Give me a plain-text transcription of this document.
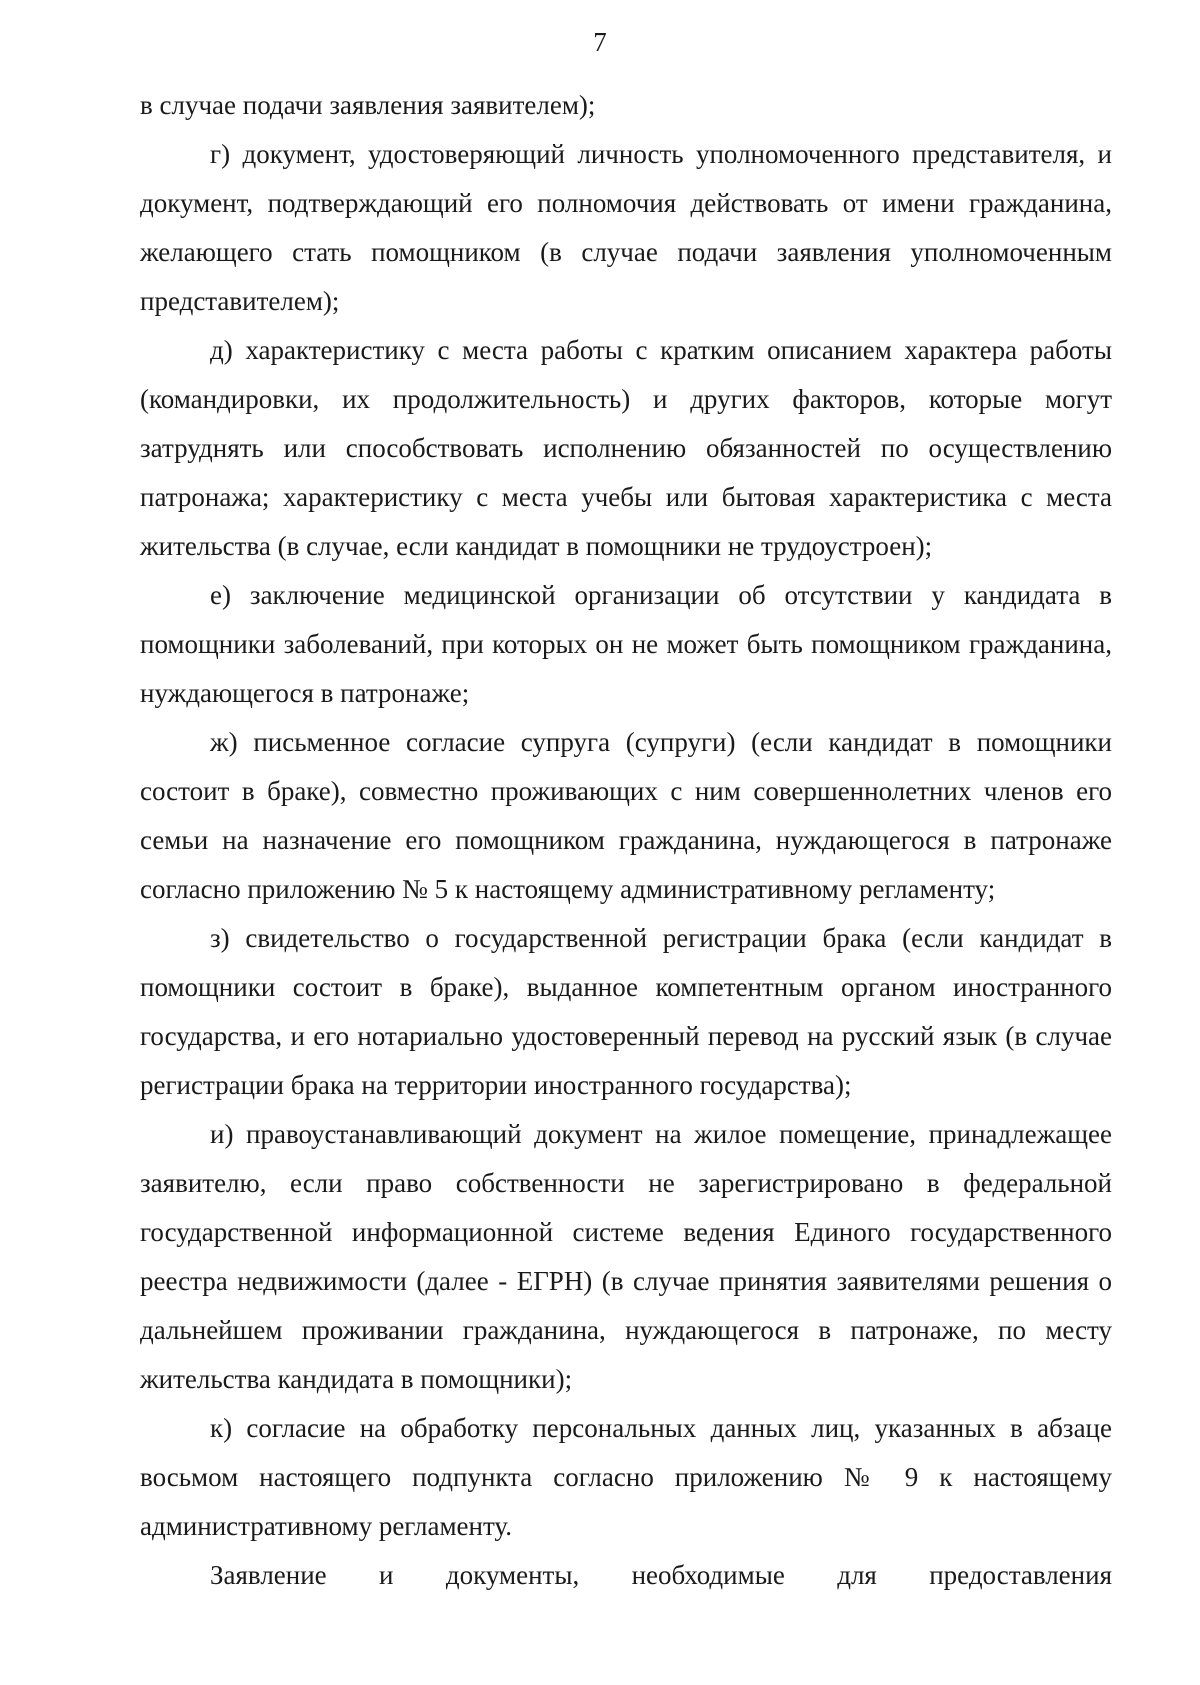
7

в случае подачи заявления заявителем);

г) документ, удостоверяющий личность уполномоченного представителя, и документ, подтверждающий его полномочия действовать от имени гражданина, желающего стать помощником (в случае подачи заявления уполномоченным представителем);

д) характеристику с места работы с кратким описанием характера работы (командировки, их продолжительность) и других факторов, которые могут затруднять или способствовать исполнению обязанностей по осуществлению патронажа; характеристику с места учебы или бытовая характеристика с места жительства (в случае, если кандидат в помощники не трудоустроен);

е) заключение медицинской организации об отсутствии у кандидата в помощники заболеваний, при которых он не может быть помощником гражданина, нуждающегося в патронаже;

ж) письменное согласие супруга (супруги) (если кандидат в помощники состоит в браке), совместно проживающих с ним совершеннолетних членов его семьи на назначение его помощником гражданина, нуждающегося в патронаже согласно приложению № 5 к настоящему административному регламенту;

з) свидетельство о государственной регистрации брака (если кандидат в помощники состоит в браке), выданное компетентным органом иностранного государства, и его нотариально удостоверенный перевод на русский язык (в случае регистрации брака на территории иностранного государства);

и) правоустанавливающий документ на жилое помещение, принадлежащее заявителю, если право собственности не зарегистрировано в федеральной государственной информационной системе ведения Единого государственного реестра недвижимости (далее - ЕГРН) (в случае принятия заявителями решения о дальнейшем проживании гражданина, нуждающегося в патронаже, по месту жительства кандидата в помощники);

к) согласие на обработку персональных данных лиц, указанных в абзаце восьмом настоящего подпункта согласно приложению № 9 к настоящему административному регламенту.

Заявление и документы, необходимые для предоставления
